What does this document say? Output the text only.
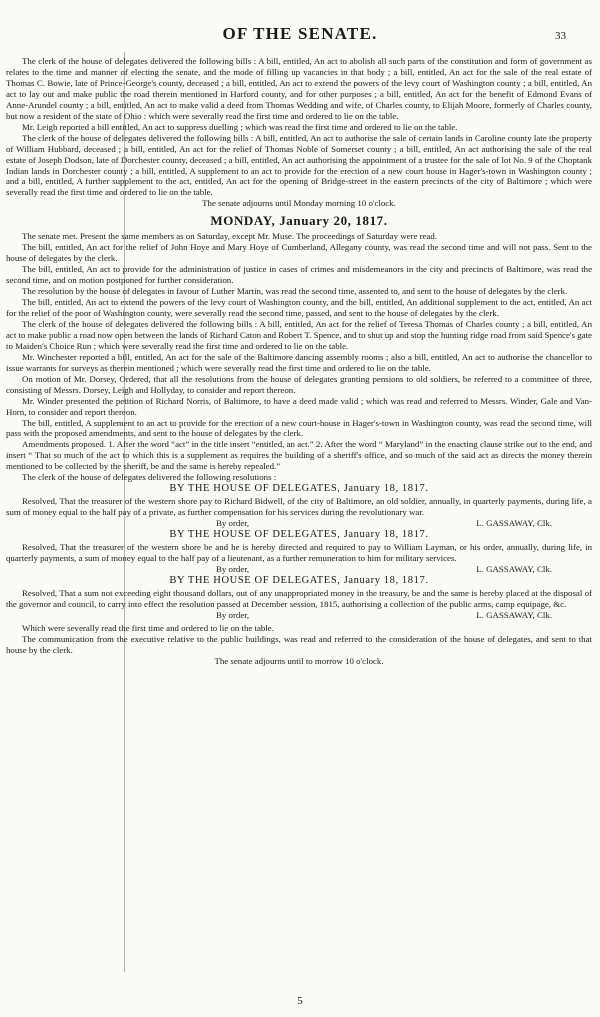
OF THE SENATE.	33

The clerk of the house of delegates delivered the following bills : A bill, entitled, An act to abolish all such parts of the constitution and form of government as relates to the time and manner of electing the senate, and the mode of filling up vacancies in that body ; a bill, entitled, An act for the sale of the real estate of Thomas C. Bowie, late of Prince-George's county, deceased ; a bill, entitled, An act to extend the powers of the levy court of Washington county ; a bill, entitled, An act to lay out and make public the road therein mentioned in Harford county, and for other purposes ; a bill, entitled, An act for the benefit of Edmond Evans of Anne-Arundel county ; a bill, entitled, An act to make valid a deed from Thomas Wedding and wife, of Charles county, to Elijah Moore, formerly of Charles county, but now a resident of the state of Ohio : which were severally read the first time and ordered to lie on the table.

Mr. Leigh reported a bill entitled, An act to suppress duelling ; which was read the first time and ordered to lie on the table.

The clerk of the house of delegates delivered the following bills : A bill, entitled, An act to authorise the sale of certain lands in Caroline county late the property of William Hubbard, deceased ; a bill, entitled, An act for the relief of Thomas Noble of Somerset county ; a bill, entitled, An act authorising the sale of the real estate of Joseph Dodson, late of Dorchester county, deceased ; a bill, entitled, An act authorising the appointment of a trustee for the sale of lot No. 9 of the Choptank Indian lands in Dorchester county ; a bill, entitled, A supplement to an act to provide for the erection of a new court house in Hager's-town in Washington county ; and a bill, entitled, A further supplement to the act, entitled, An act for the opening of Bridge-street in the eastern precincts of the city of Baltimore ; which were severally read the first time and ordered to lie on the table.

The senate adjourns until Monday morning 10 o'clock.

MONDAY, January 20, 1817.

The senate met. Present the same members as on Saturday, except Mr. Muse. The proceedings of Saturday were read.

The bill, entitled, An act for the relief of John Hoye and Mary Hoye of Cumberland, Allegany county, was read the second time and will not pass. Sent to the house of delegates by the clerk.

The bill, entitled, An act to provide for the administration of justice in cases of crimes and misdemeanors in the city and precincts of Baltimore, was read the second time, and on motion postponed for further consideration.

The resolution by the house of delegates in favour of Luther Martin, was read the second time, assented to, and sent to the house of delegates by the clerk.

The bill, entitled, An act to extend the powers of the levy court of Washington county, and the bill, entitled, An additional supplement to the act, entitled, An act for the relief of the poor of Washington county, were severally read the second time, passed, and sent to the house of delegates by the clerk.

The clerk of the house of delegates delivered the following bills : A bill, entitled, An act for the relief of Teresa Thomas of Charles county ; a bill, entitled, An act to make public a road now open between the lands of Richard Caton and Robert T. Spence, and to shut up and stop the hunting ridge road from said Spence's gate to Maiden's Choice Run ; which were severally read the first time and ordered to lie on the table.

Mr. Winchester reported a bill, entitled, An act for the sale of the Baltimore dancing assembly rooms ; also a bill, entitled, An act to authorise the chancellor to issue warrants for surveys as therein mentioned ; which were severally read the first time and ordered to lie on the table.

On motion of Mr. Dorsey, Ordered, that all the resolutions from the house of delegates granting pensions to old soldiers, be referred to a committee of three, consisting of Messrs. Dorsey, Leigh and Hollyday, to consider and report thereon.

Mr. Winder presented the petition of Richard Norris, of Baltimore, to have a deed made valid ; which was read and referred to Messrs. Winder, Gale and Van-Horn, to consider and report thereon.

The bill, entitled, A supplement to an act to provide for the erection of a new court-house in Hager's-town in Washington county, was read the second time, will pass with the proposed amendments, and sent to the house of delegates by the clerk.

Amendments proposed. 1. After the word “act” in the title insert “entitled, an act.” 2. After the word “ Maryland” in the enacting clause strike out to the end, and insert “ That so much of the act to which this is a supplement as requires the building of a sheriff's office, and so much of the said act as directs the money therein mentioned to be collected by the sheriff, be and the same is hereby repealed.”

The clerk of the house of delegates delivered the following resolutions :

BY THE HOUSE OF DELEGATES, January 18, 1817.

Resolved, That the treasurer of the western shore pay to Richard Bidwell, of the city of Baltimore, an old soldier, annually, in quarterly payments, during life, a sum of money equal to the half pay of a private, as further compensation for his services during the revolutionary war.

By order,	L. GASSAWAY, Clk.
BY THE HOUSE OF DELEGATES, January 18, 1817.

Resolved, That the treasurer of the western shore be and he is hereby directed and required to pay to William Layman, or his order, annually, during life, in quarterly payments, a sum of money equal to the half pay of a lieutenant, as a further remuneration to him for military services.

By order,	L. GASSAWAY, Clk.
BY THE HOUSE OF DELEGATES, January 18, 1817.

Resolved, That a sum not exceeding eight thousand dollars, out of any unappropriated money in the treasury, be and the same is hereby placed at the disposal of the governor and council, to carry into effect the resolution passed at December session, 1815, authorising a collection of the public arms, camp equipage, &c.

By order,	L. GASSAWAY, Clk.

Which were severally read the first time and ordered to lie on the table.

The communication from the executive relative to the public buildings, was read and referred to the consideration of the house of delegates, and sent to that house by the clerk.

The senate adjourns until to morrow 10 o'clock.

5
